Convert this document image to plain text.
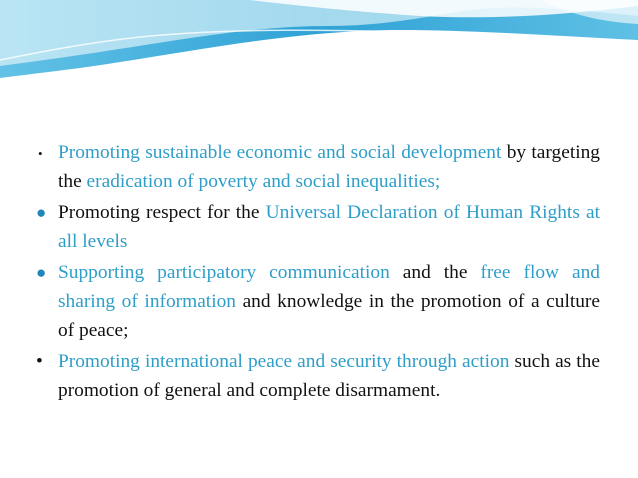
• Promoting sustainable economic and social development by targeting the eradication of poverty and social inequalities;
● Promoting respect for the Universal Declaration of Human Rights at all levels
● Supporting participatory communication and the free flow and sharing of information and knowledge in the promotion of a culture of peace;
• Promoting international peace and security through action such as the promotion of general and complete disarmament.
